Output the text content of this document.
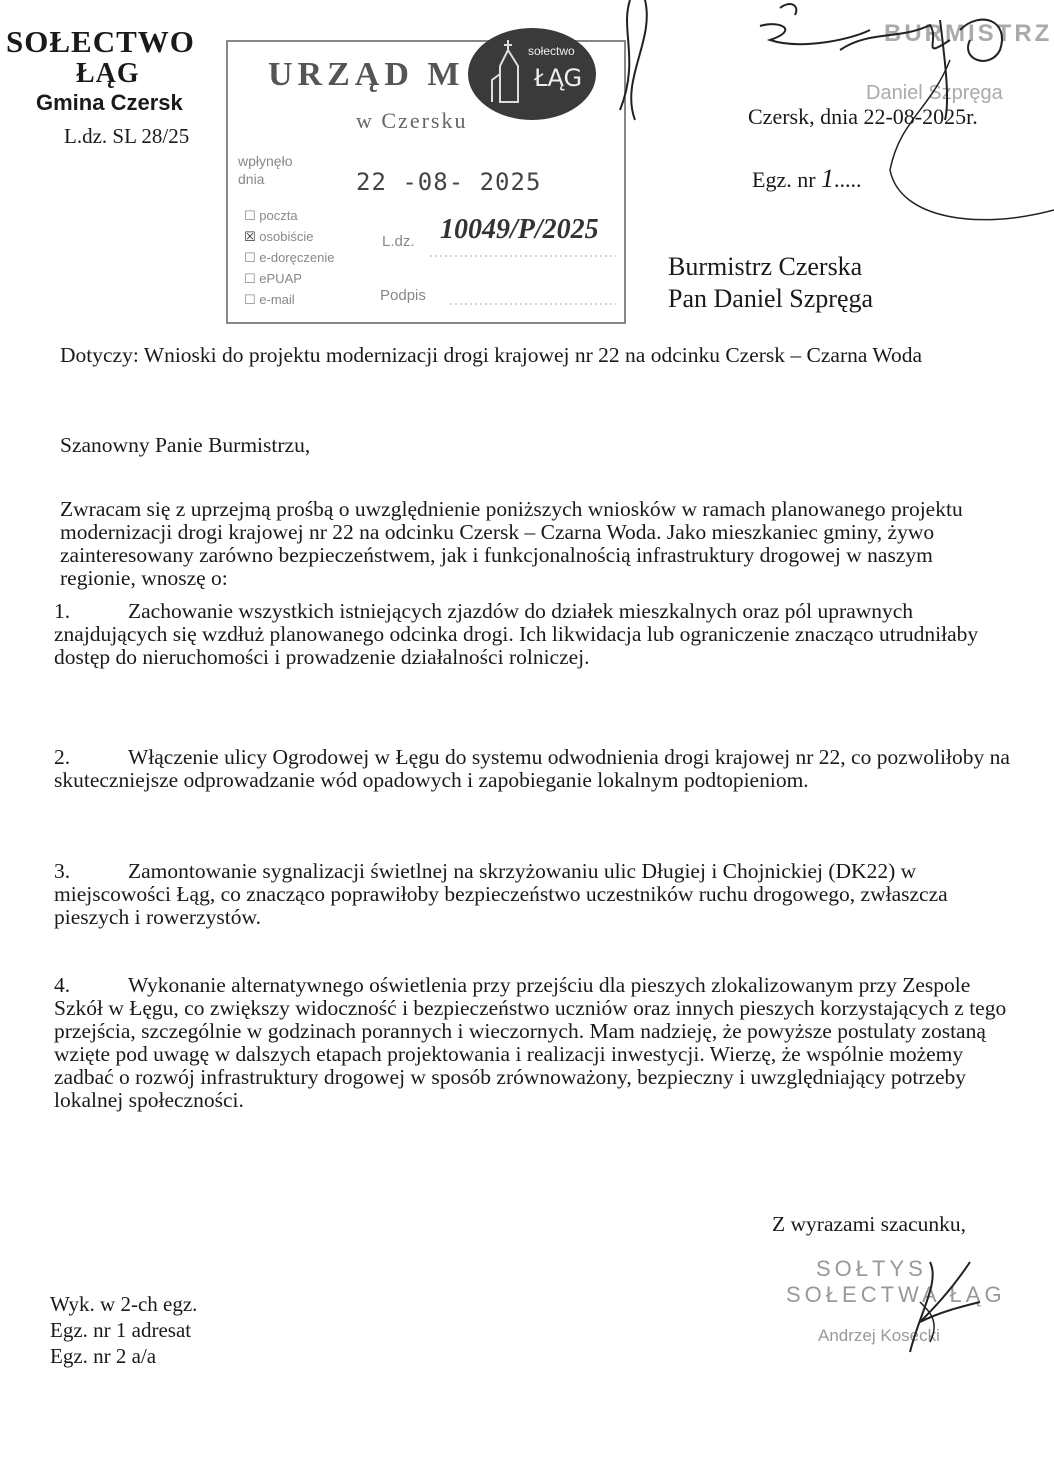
SOŁECTWO
ŁĄG
Gmina Czersk
L.dz. SL 28/25
URZĄD M
w Czersku
wpłynęło dnia	22 -08- 2025
☐ poczta
☒ osobiście
☐ e-doręczenie
☐ ePUAP
☐ e-mail
L.dz. 10049/P/2025
Podpis
sołectwo
ŁĄG
BURMISTRZ
Daniel Szpręga
Czersk, dnia 22-08-2025r.
Egz. nr 1.....
Burmistrz Czerska
Pan Daniel Szpręga
Dotyczy: Wnioski do projektu modernizacji drogi krajowej nr 22 na odcinku Czersk – Czarna Woda
Szanowny Panie Burmistrzu,
Zwracam się z uprzejmą prośbą o uwzględnienie poniższych wniosków w ramach planowanego projektu modernizacji drogi krajowej nr 22 na odcinku Czersk – Czarna Woda. Jako mieszkaniec gminy, żywo zainteresowany zarówno bezpieczeństwem, jak i funkcjonalnością infrastruktury drogowej w naszym regionie, wnoszę o:
1.	Zachowanie wszystkich istniejących zjazdów do działek mieszkalnych oraz pól uprawnych znajdujących się wzdłuż planowanego odcinka drogi. Ich likwidacja lub ograniczenie znacząco utrudniłaby dostęp do nieruchomości i prowadzenie działalności rolniczej.
2.	Włączenie ulicy Ogrodowej w Łęgu do systemu odwodnienia drogi krajowej nr 22, co pozwoliłoby na skuteczniejsze odprowadzanie wód opadowych i zapobieganie lokalnym podtopieniom.
3.	Zamontowanie sygnalizacji świetlnej na skrzyżowaniu ulic Długiej i Chojnickiej (DK22) w miejscowości Łąg, co znacząco poprawiłoby bezpieczeństwo uczestników ruchu drogowego, zwłaszcza pieszych i rowerzystów.
4.	Wykonanie alternatywnego oświetlenia przy przejściu dla pieszych zlokalizowanym przy Zespole Szkół w Łęgu, co zwiększy widoczność i bezpieczeństwo uczniów oraz innych pieszych korzystających z tego przejścia, szczególnie w godzinach porannych i wieczornych. Mam nadzieję, że powyższe postulaty zostaną wzięte pod uwagę w dalszych etapach projektowania i realizacji inwestycji. Wierzę, że wspólnie możemy zadbać o rozwój infrastruktury drogowej w sposób zrównoważony, bezpieczny i uwzględniający potrzeby lokalnej społeczności.
Z wyrazami szacunku,
SOŁTYS
SOŁECTWA ŁĄG
Andrzej Kosecki
Wyk. w 2-ch egz.
Egz. nr 1 adresat
Egz. nr 2 a/a
